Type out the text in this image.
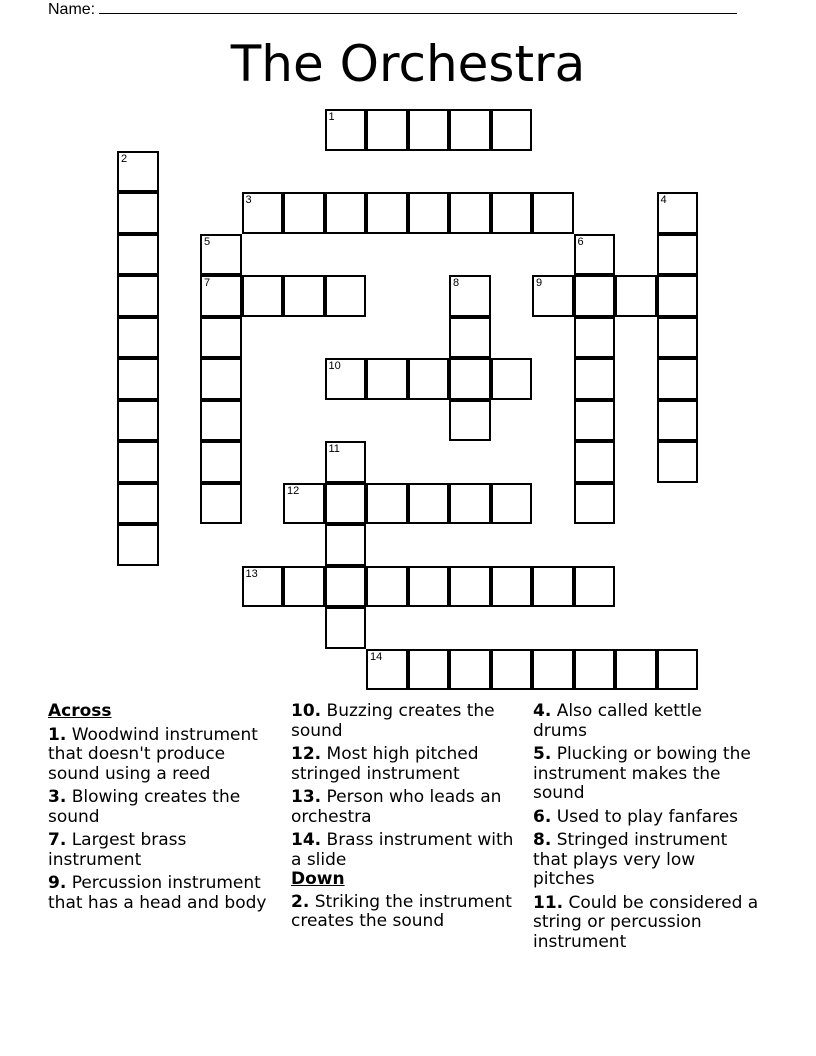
Name:
The Orchestra
1
2
3	4
5
7
6
8	9
10
11
12
13
14
Across
1. Woodwind instrument that doesn't produce sound using a reed
3. Blowing creates the sound
7. Largest brass instrument
9. Percussion instrument that has a head and body
10. Buzzing creates the sound
12. Most high pitched stringed instrument
13. Person who leads an orchestra
14. Brass instrument with a slide
Down
2. Striking the instrument creates the sound
4. Also called kettle drums
5. Plucking or bowing the instrument makes the sound
6. Used to play fanfares
8. Stringed instrument that plays very low pitches
11. Could be considered a string or percussion instrument
